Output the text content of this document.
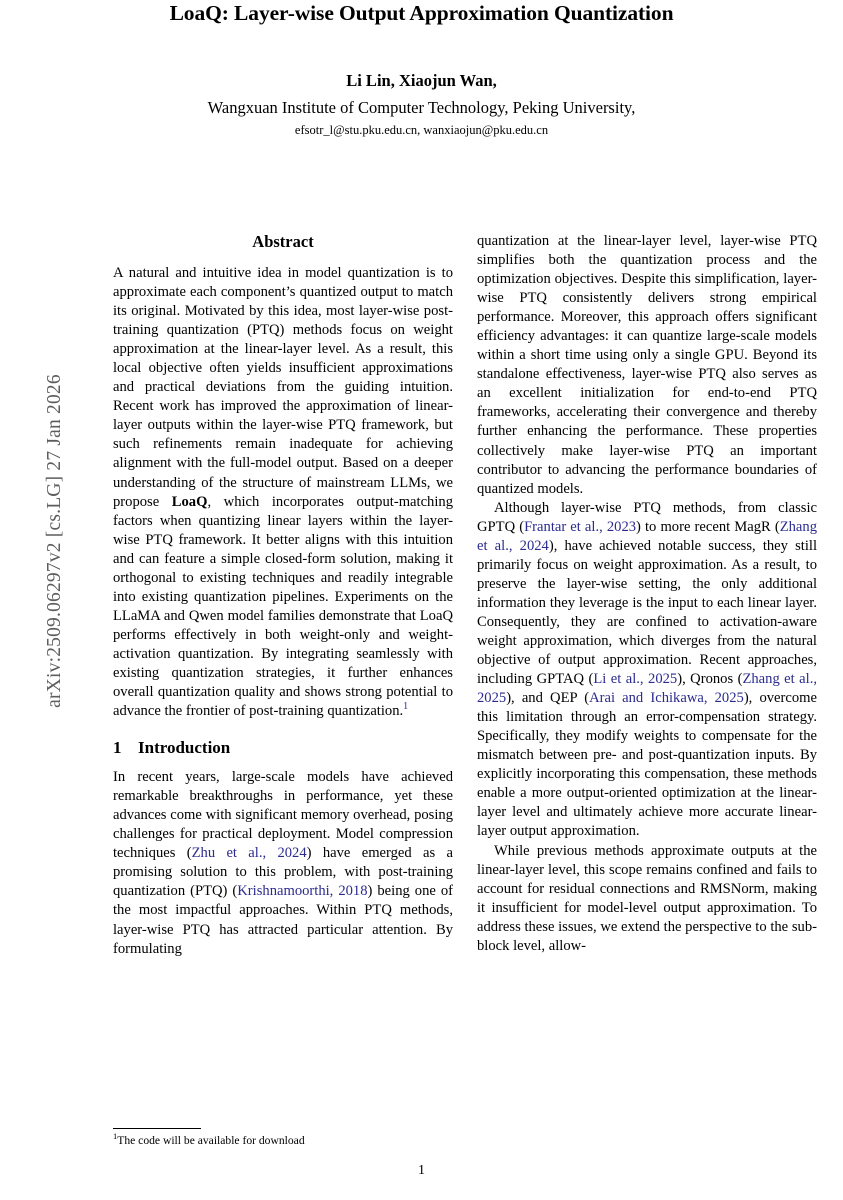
arXiv:2509.06297v2 [cs.LG] 27 Jan 2026
LoaQ: Layer-wise Output Approximation Quantization
Li Lin, Xiaojun Wan,
Wangxuan Institute of Computer Technology, Peking University,
efsotr_l@stu.pku.edu.cn, wanxiaojun@pku.edu.cn
Abstract

A natural and intuitive idea in model quantization is to approximate each component’s quantized output to match its original. Motivated by this idea, most layer-wise post-training quantization (PTQ) methods focus on weight approximation at the linear-layer level. As a result, this local objective often yields insufficient approximations and practical deviations from the guiding intuition. Recent work has improved the approximation of linear-layer outputs within the layer-wise PTQ framework, but such refinements remain inadequate for achieving alignment with the full-model output. Based on a deeper understanding of the structure of mainstream LLMs, we propose LoaQ, which incorporates output-matching factors when quantizing linear layers within the layer-wise PTQ framework. It better aligns with this intuition and can feature a simple closed-form solution, making it orthogonal to existing techniques and readily integrable into existing quantization pipelines. Experiments on the LLaMA and Qwen model families demonstrate that LoaQ performs effectively in both weight-only and weight-activation quantization. By integrating seamlessly with existing quantization strategies, it further enhances overall quantization quality and shows strong potential to advance the frontier of post-training quantization.$^1$

1 Introduction

In recent years, large-scale models have achieved remarkable breakthroughs in performance, yet these advances come with significant memory overhead, posing challenges for practical deployment. Model compression techniques (Zhu et al., 2024) have emerged as a promising solution to this problem, with post-training quantization (PTQ) (Krishnamoorthi, 2018) being one of the most impactful approaches. Within PTQ methods, layer-wise PTQ has attracted particular attention. By formulating

quantization at the linear-layer level, layer-wise PTQ simplifies both the quantization process and the optimization objectives. Despite this simplification, layer-wise PTQ consistently delivers strong empirical performance. Moreover, this approach offers significant efficiency advantages: it can quantize large-scale models within a short time using only a single GPU. Beyond its standalone effectiveness, layer-wise PTQ also serves as an excellent initialization for end-to-end PTQ frameworks, accelerating their convergence and thereby further enhancing the performance. These properties collectively make layer-wise PTQ an important contributor to advancing the performance boundaries of quantized models.

Although layer-wise PTQ methods, from classic GPTQ (Frantar et al., 2023) to more recent MagR (Zhang et al., 2024), have achieved notable success, they still primarily focus on weight approximation. As a result, to preserve the layer-wise setting, the only additional information they leverage is the input to each linear layer. Consequently, they are confined to activation-aware weight approximation, which diverges from the natural objective of output approximation. Recent approaches, including GPTAQ (Li et al., 2025), Qronos (Zhang et al., 2025), and QEP (Arai and Ichikawa, 2025), overcome this limitation through an error-compensation strategy. Specifically, they modify weights to compensate for the mismatch between pre- and post-quantization inputs. By explicitly incorporating this compensation, these methods enable a more output-oriented optimization at the linear-layer level and ultimately achieve more accurate linear-layer output approximation.

While previous methods approximate outputs at the linear-layer level, this scope remains confined and fails to account for residual connections and RMSNorm, making it insufficient for model-level output approximation. To address these issues, we extend the perspective to the sub-block level, allow-

$^1$The code will be available for download

1
